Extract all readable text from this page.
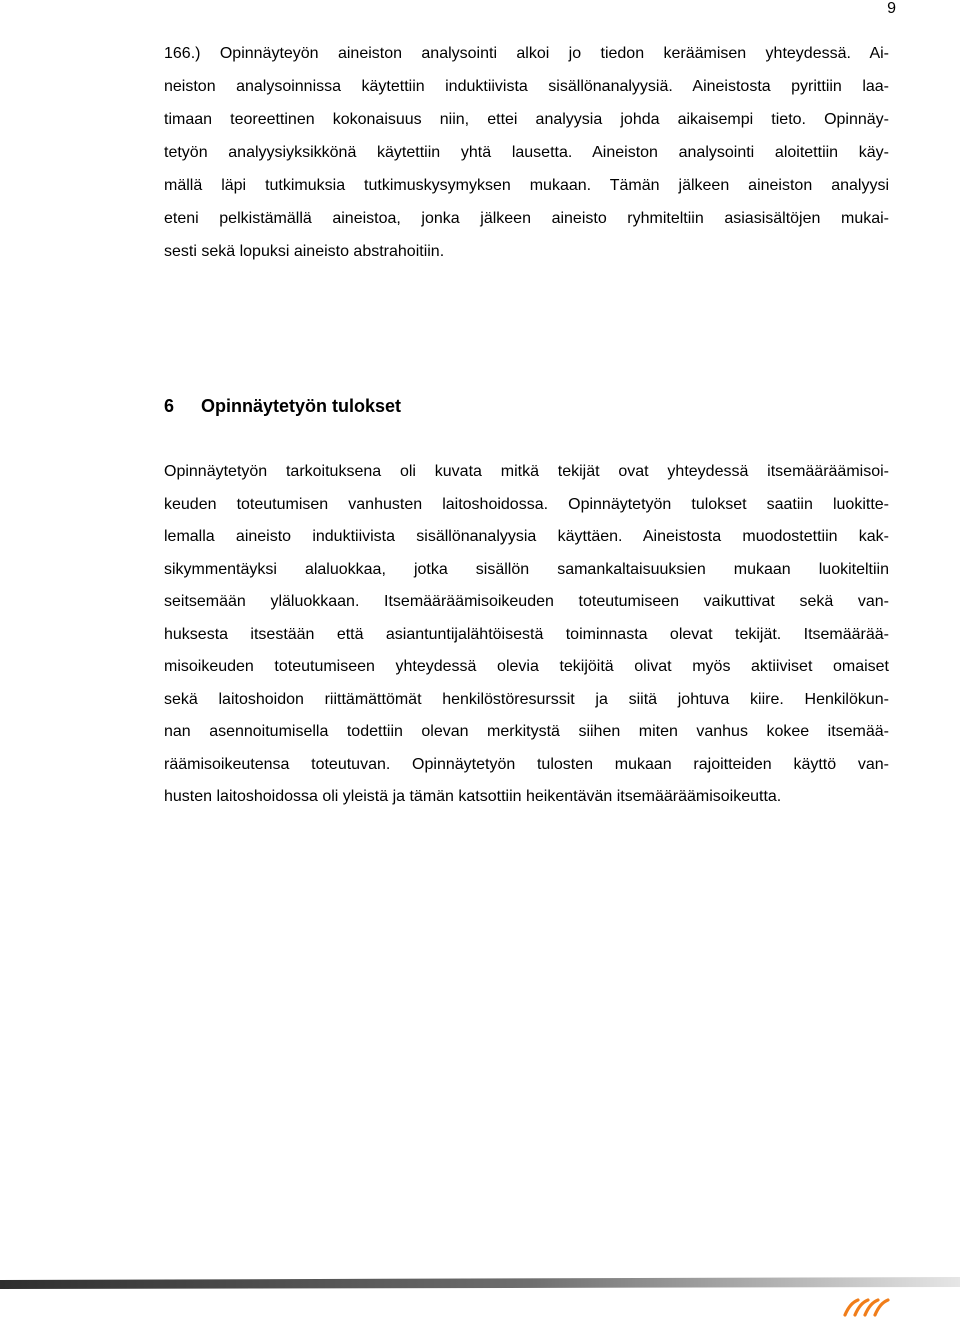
9
166.) Opinnäyteyön aineiston analysointi alkoi jo tiedon keräämisen yhteydessä. Ai-
neiston analysoinnissa käytettiin induktiivista sisällönanalyysiä. Aineistosta pyrittiin laa-
timaan teoreettinen kokonaisuus niin, ettei analyysia johda aikaisempi tieto. Opinnäy-
tetyön analyysiyksikkönä käytettiin yhtä lausetta. Aineiston analysointi aloitettiin käy-
mällä läpi tutkimuksia tutkimuskysymyksen mukaan. Tämän jälkeen aineiston analyysi
eteni pelkistämällä aineistoa, jonka jälkeen aineisto ryhmiteltiin asiasisältöjen mukai-
sesti sekä lopuksi aineisto abstrahoitiin.
6 Opinnäytetyön tulokset
Opinnäytetyön tarkoituksena oli kuvata mitkä tekijät ovat yhteydessä itsemääräämisoi-
keuden toteutumisen vanhusten laitoshoidossa. Opinnäytetyön tulokset saatiin luokitte-
lemalla aineisto induktiivista sisällönanalyysia käyttäen. Aineistosta muodostettiin kak-
sikymmentäyksi alaluokkaa, jotka sisällön samankaltaisuuksien mukaan luokiteltiin
seitsemään yläluokkaan. Itsemääräämisoikeuden toteutumiseen vaikuttivat sekä van-
huksesta itsestään että asiantuntijalähtöisestä toiminnasta olevat tekijät. Itsemäärää-
misoikeuden toteutumiseen yhteydessä olevia tekijöitä olivat myös aktiiviset omaiset
sekä laitoshoidon riittämättömät henkilöstöresurssit ja siitä johtuva kiire. Henkilökun-
nan asennoitumisella todettiin olevan merkitystä siihen miten vanhus kokee itsemää-
räämisoikeutensa toteutuvan. Opinnäytetyön tulosten mukaan rajoitteiden käyttö van-
husten laitoshoidossa oli yleistä ja tämän katsottiin heikentävän itsemääräämisoikeutta.
